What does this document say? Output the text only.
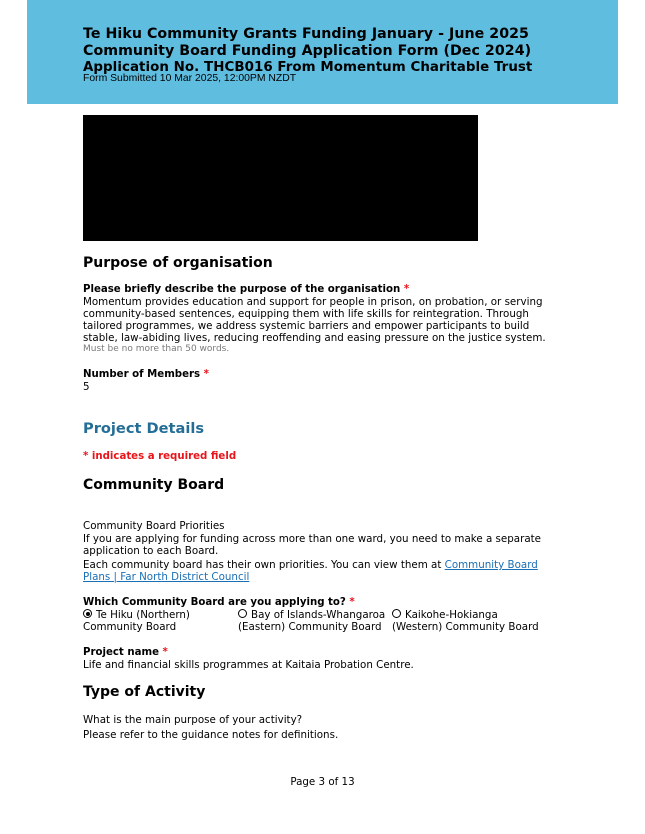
Te Hiku Community Grants Funding January - June 2025
Community Board Funding Application Form (Dec 2024)
Application No. THCB016 From Momentum Charitable Trust
Form Submitted 10 Mar 2025, 12:00PM NZDT
Purpose of organisation
Please briefly describe the purpose of the organisation *
Momentum provides education and support for people in prison, on probation, or serving
community-based sentences, equipping them with life skills for reintegration. Through
tailored programmes, we address systemic barriers and empower participants to build
stable, law-abiding lives, reducing reoffending and easing pressure on the justice system.
Must be no more than 50 words.
Number of Members *
5
Project Details
* indicates a required field
Community Board
Community Board Priorities
If you are applying for funding across more than one ward, you need to make a separate
application to each Board.
Each community board has their own priorities. You can view them at Community Board
Plans | Far North District Council
Which Community Board are you applying to? *
Te Hiku (Northern)
Community Board
Bay of Islands-Whangaroa
(Eastern) Community Board
Kaikohe-Hokianga
(Western) Community Board
Project name *
Life and financial skills programmes at Kaitaia Probation Centre.
Type of Activity
What is the main purpose of your activity?
Please refer to the guidance notes for definitions.
Page 3 of 13
